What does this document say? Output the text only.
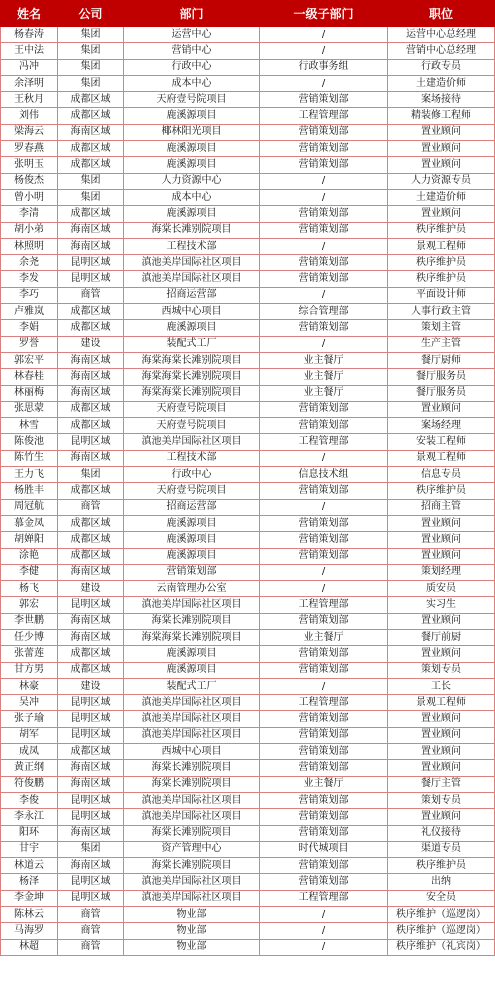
姓名	公司	部门	一级子部门	职位
杨春涛	集团	运营中心	/	运营中心总经理
王中法	集团	营销中心	/	营销中心总经理
冯冲	集团	行政中心	行政事务组	行政专员
余泽明	集团	成本中心	/	土建造价师
王秋月	成都区域	天府壹号院项目	营销策划部	案场接待
刘伟	成都区域	鹿溪源项目	工程管理部	精装修工程师
梁海云	海南区域	椰林阳光项目	营销策划部	置业顾问
罗春燕	成都区域	鹿溪源项目	营销策划部	置业顾问
张明玉	成都区域	鹿溪源项目	营销策划部	置业顾问
杨俊杰	集团	人力资源中心	/	人力资源专员
曾小明	集团	成本中心	/	土建造价师
李清	成都区域	鹿溪源项目	营销策划部	置业顾问
胡小弟	海南区域	海棠长滩别院项目	营销策划部	秩序维护员
林照明	海南区域	工程技术部	/	景观工程师
余尧	昆明区域	滇池美岸国际社区项目	营销策划部	秩序维护员
李发	昆明区域	滇池美岸国际社区项目	营销策划部	秩序维护员
李巧	商管	招商运营部	/	平面设计师
卢雅岚	成都区域	西城中心项目	综合管理部	人事行政主管
李娟	成都区域	鹿溪源项目	营销策划部	策划主管
罗誉	建设	装配式工厂	/	生产主管
郭宏平	海南区域	海棠海棠长滩别院项目	业主餐厅	餐厅厨师
林春桂	海南区域	海棠海棠长滩别院项目	业主餐厅	餐厅服务员
林丽梅	海南区域	海棠海棠长滩别院项目	业主餐厅	餐厅服务员
张思蒙	成都区域	天府壹号院项目	营销策划部	置业顾问
林雪	成都区域	天府壹号院项目	营销策划部	案场经理
陈俊池	昆明区域	滇池美岸国际社区项目	工程管理部	安装工程师
陈竹生	海南区域	工程技术部	/	景观工程师
王力飞	集团	行政中心	信息技术组	信息专员
杨胜丰	成都区域	天府壹号院项目	营销策划部	秩序维护员
周冠航	商管	招商运营部	/	招商主管
慕金凤	成都区域	鹿溪源项目	营销策划部	置业顾问
胡婵阳	成都区域	鹿溪源项目	营销策划部	置业顾问
涂艳	成都区域	鹿溪源项目	营销策划部	置业顾问
李健	海南区域	营销策划部	/	策划经理
杨飞	建设	云南管理办公室	/	质安员
郭宏	昆明区域	滇池美岸国际社区项目	工程管理部	实习生
李世鹏	海南区域	海棠长滩别院项目	营销策划部	置业顾问
任少博	海南区域	海棠海棠长滩别院项目	业主餐厅	餐厅前厨
张蕾莲	成都区域	鹿溪源项目	营销策划部	置业顾问
甘方男	成都区域	鹿溪源项目	营销策划部	策划专员
林豪	建设	装配式工厂	/	工长
吴冲	昆明区域	滇池美岸国际社区项目	工程管理部	景观工程师
张子瑜	昆明区域	滇池美岸国际社区项目	营销策划部	置业顾问
胡军	昆明区域	滇池美岸国际社区项目	营销策划部	置业顾问
成凤	成都区域	西城中心项目	营销策划部	置业顾问
黄正纲	海南区域	海棠长滩别院项目	营销策划部	置业顾问
符俊鹏	海南区域	海棠长滩别院项目	业主餐厅	餐厅主管
李俊	昆明区域	滇池美岸国际社区项目	营销策划部	策划专员
李永江	昆明区域	滇池美岸国际社区项目	营销策划部	置业顾问
阳环	海南区域	海棠长滩别院项目	营销策划部	礼仪接待
甘宇	集团	资产管理中心	时代城项目	渠道专员
林道云	海南区域	海棠长滩别院项目	营销策划部	秩序维护员
杨泽	昆明区域	滇池美岸国际社区项目	营销策划部	出纳
李金坤	昆明区域	滇池美岸国际社区项目	工程管理部	安全员
陈林云	商管	物业部	/	秩序维护（巡逻岗）
马海罗	商管	物业部	/	秩序维护（巡逻岗）
林超	商管	物业部	/	秩序维护（礼宾岗）
